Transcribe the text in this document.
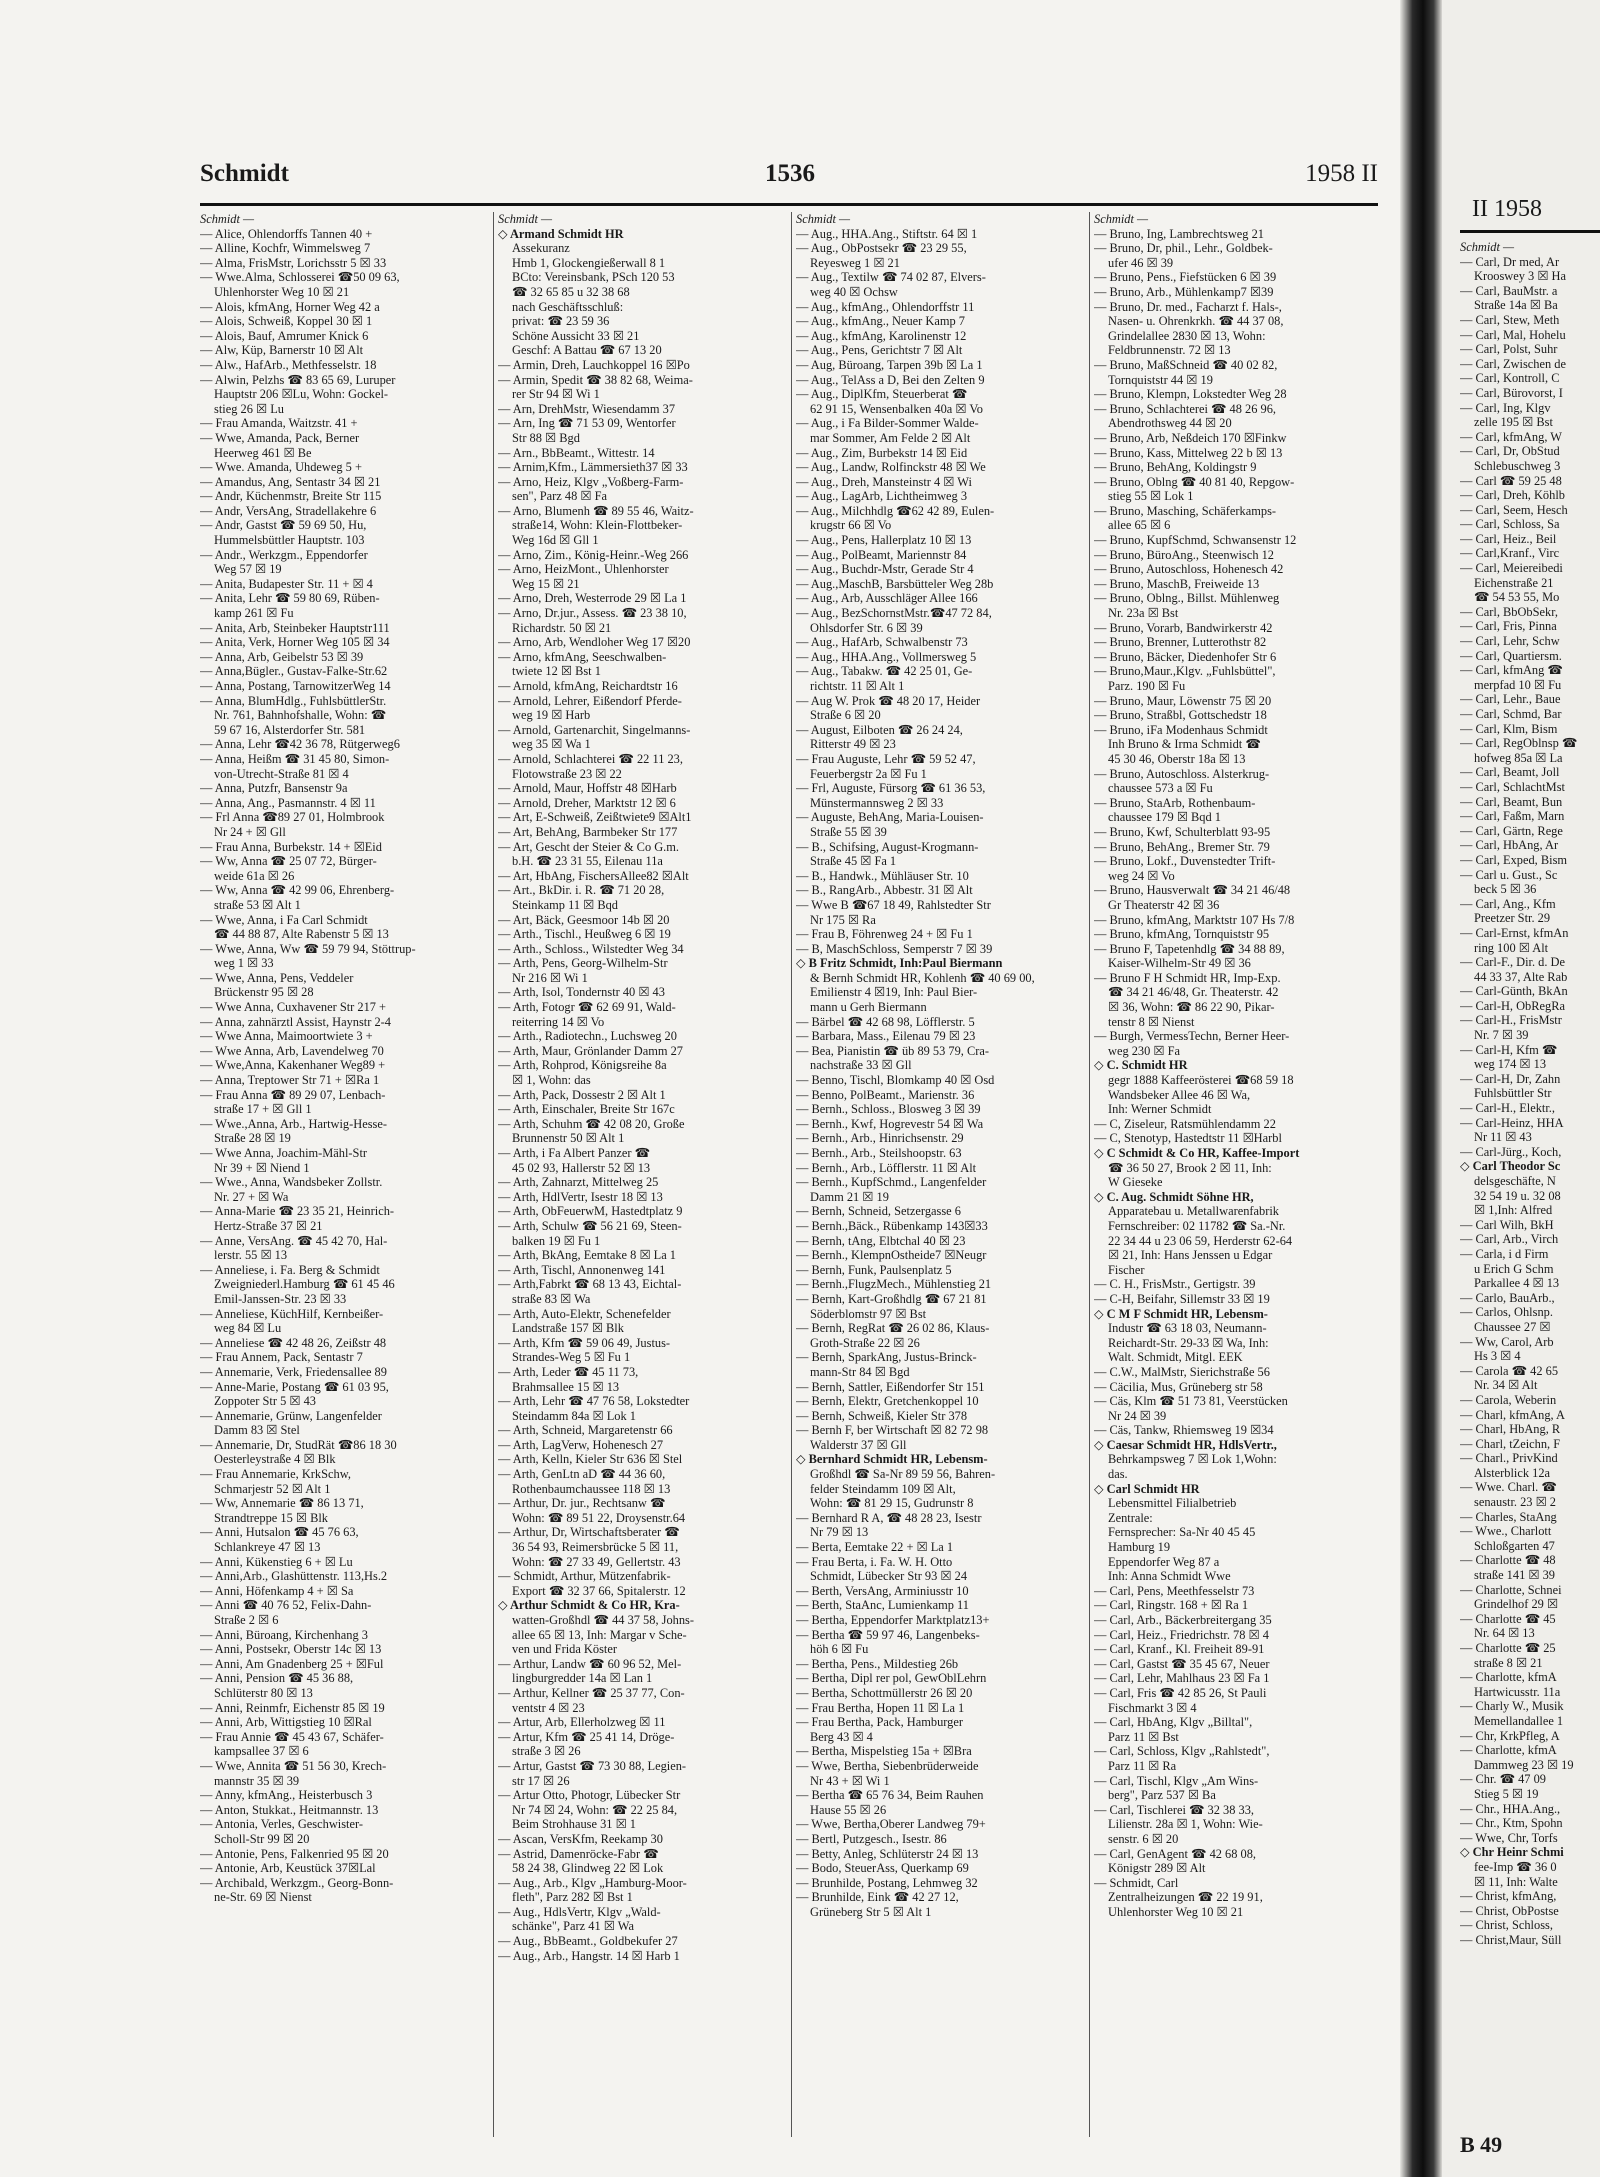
Schmidt	1536	1958 II
Schmidt —
— Alice, Ohlendorffs Tannen 40 +
— Alline, Kochfr, Wimmelsweg 7
— Alma, FrisMstr, Lorichsstr 5 ☒ 33
— Wwe.Alma, Schlosserei ☎50 09 63,
Uhlenhorster Weg 10 ☒ 21
— Alois, kfmAng, Horner Weg 42 a
— Alois, Schweiß, Koppel 30 ☒ 1
— Alois, Bauf, Amrumer Knick 6
— Alw, Küp, Barnerstr 10 ☒ Alt
— Alw., HafArb., Methfesselstr. 18
— Alwin, Pelzhs ☎ 83 65 69, Luruper
Hauptstr 206 ☒Lu, Wohn: Gockel-
stieg 26 ☒ Lu
— Frau Amanda, Waitzstr. 41 +
— Wwe, Amanda, Pack, Berner
Heerweg 461 ☒ Be
— Wwe. Amanda, Uhdeweg 5 +
— Amandus, Ang, Sentastr 34 ☒ 21
— Andr, Küchenmstr, Breite Str 115
— Andr, VersAng, Stradellakehre 6
— Andr, Gastst ☎ 59 69 50, Hu,
Hummelsbüttler Hauptstr. 103
— Andr., Werkzgm., Eppendorfer
Weg 57 ☒ 19
— Anita, Budapester Str. 11 + ☒ 4
— Anita, Lehr ☎ 59 80 69, Rüben-
kamp 261 ☒ Fu
— Anita, Arb, Steinbeker Hauptstr111
— Anita, Verk, Horner Weg 105 ☒ 34
— Anna, Arb, Geibelstr 53 ☒ 39
— Anna,Bügler., Gustav-Falke-Str.62
— Anna, Postang, TarnowitzerWeg 14
— Anna, BlumHdlg., FuhlsbüttlerStr.
Nr. 761, Bahnhofshalle, Wohn: ☎
59 67 16, Alsterdorfer Str. 581
— Anna, Lehr ☎42 36 78, Rütgerweg6
— Anna, Heißm ☎ 31 45 80, Simon-
von-Utrecht-Straße 81 ☒ 4
— Anna, Putzfr, Bansenstr 9a
— Anna, Ang., Pasmannstr. 4 ☒ 11
— Frl Anna ☎89 27 01, Holmbrook
Nr 24 + ☒ Gll
— Frau Anna, Burbekstr. 14 + ☒Eid
— Ww, Anna ☎ 25 07 72, Bürger-
weide 61a ☒ 26
— Ww, Anna ☎ 42 99 06, Ehrenberg-
straße 53 ☒ Alt 1
— Wwe, Anna, i Fa Carl Schmidt
☎ 44 88 87, Alte Rabenstr 5 ☒ 13
— Wwe, Anna, Ww ☎ 59 79 94, Stöttrup-
weg 1 ☒ 33
— Wwe, Anna, Pens, Veddeler
Brückenstr 95 ☒ 28
— Wwe Anna, Cuxhavener Str 217 +
— Anna, zahnärztl Assist, Haynstr 2-4
— Wwe Anna, Maimoortwiete 3 +
— Wwe Anna, Arb, Lavendelweg 70
— Wwe,Anna, Kakenhaner Weg89 +
— Anna, Treptower Str 71 + ☒Ra 1
— Frau Anna ☎ 89 29 07, Lenbach-
straße 17 + ☒ Gll 1
— Wwe.,Anna, Arb., Hartwig-Hesse-
Straße 28 ☒ 19
— Wwe Anna, Joachim-Mähl-Str
Nr 39 + ☒ Niend 1
— Wwe., Anna, Wandsbeker Zollstr.
Nr. 27 + ☒ Wa
— Anna-Marie ☎ 23 35 21, Heinrich-
Hertz-Straße 37 ☒ 21
— Anne, VersAng. ☎ 45 42 70, Hal-
lerstr. 55 ☒ 13
— Anneliese, i. Fa. Berg & Schmidt
Zweigniederl.Hamburg ☎ 61 45 46
Emil-Janssen-Str. 23 ☒ 33
— Anneliese, KüchHilf, Kernbeißer-
weg 84 ☒ Lu
— Anneliese ☎ 42 48 26, Zeißstr 48
— Frau Annem, Pack, Sentastr 7
— Annemarie, Verk, Friedensallee 89
— Anne-Marie, Postang ☎ 61 03 95,
Zoppoter Str 5 ☒ 43
— Annemarie, Grünw, Langenfelder
Damm 83 ☒ Stel
— Annemarie, Dr, StudRät ☎86 18 30
Oesterleystraße 4 ☒ Blk
— Frau Annemarie, KrkSchw,
Schmarjestr 52 ☒ Alt 1
— Ww, Annemarie ☎ 86 13 71,
Strandtreppe 15 ☒ Blk
— Anni, Hutsalon ☎ 45 76 63,
Schlankreye 47 ☒ 13
— Anni, Kükenstieg 6 + ☒ Lu
— Anni,Arb., Glashüttenstr. 113,Hs.2
— Anni, Höfenkamp 4 + ☒ Sa
— Anni ☎ 40 76 52, Felix-Dahn-
Straße 2 ☒ 6
— Anni, Büroang, Kirchenhang 3
— Anni, Postsekr, Oberstr 14c ☒ 13
— Anni, Am Gnadenberg 25 + ☒Ful
— Anni, Pension ☎ 45 36 88,
Schlüterstr 80 ☒ 13
— Anni, Reinmfr, Eichenstr 85 ☒ 19
— Anni, Arb, Wittigstieg 10 ☒Ral
— Frau Annie ☎ 45 43 67, Schäfer-
kampsallee 37 ☒ 6
— Wwe, Annita ☎ 51 56 30, Krech-
mannstr 35 ☒ 39
— Anny, kfmAng., Heisterbusch 3
— Anton, Stukkat., Heitmannstr. 13
— Antonia, Verles, Geschwister-
Scholl-Str 99 ☒ 20
— Antonie, Pens, Falkenried 95 ☒ 20
— Antonie, Arb, Keustück 37☒Lal
— Archibald, Werkzgm., Georg-Bonn-
ne-Str. 69 ☒ Nienst
Schmidt —
◇ Armand Schmidt HR
Assekuranz
Hmb 1, Glockengießerwall 8 1
BCto: Vereinsbank, PSch 120 53
☎ 32 65 85 u 32 38 68
nach Geschäftsschluß:
privat: ☎ 23 59 36
Schöne Aussicht 33 ☒ 21
Geschf: A Battau ☎ 67 13 20
— Armin, Dreh, Lauchkoppel 16 ☒Po
— Armin, Spedit ☎ 38 82 68, Weima-
rer Str 94 ☒ Wi 1
— Arn, DrehMstr, Wiesendamm 37
— Arn, Ing ☎ 71 53 09, Wentorfer
Str 88 ☒ Bgd
— Arn., BbBeamt., Wittestr. 14
— Arnim,Kfm., Lämmersieth37 ☒ 33
— Arno, Heiz, Klgv „Voßberg-Farm-
sen", Parz 48 ☒ Fa
— Arno, Blumenh ☎ 89 55 46, Waitz-
straße14, Wohn: Klein-Flottbeker-
Weg 16d ☒ Gll 1
— Arno, Zim., König-Heinr.-Weg 266
— Arno, HeizMont., Uhlenhorster
Weg 15 ☒ 21
— Arno, Dreh, Westerrode 29 ☒ La 1
— Arno, Dr.jur., Assess. ☎ 23 38 10,
Richardstr. 50 ☒ 21
— Arno, Arb, Wendloher Weg 17 ☒20
— Arno, kfmAng, Seeschwalben-
twiete 12 ☒ Bst 1
— Arnold, kfmAng, Reichardtstr 16
— Arnold, Lehrer, Eißendorf Pferde-
weg 19 ☒ Harb
— Arnold, Gartenarchit, Singelmanns-
weg 35 ☒ Wa 1
— Arnold, Schlachterei ☎ 22 11 23,
Flotowstraße 23 ☒ 22
— Arnold, Maur, Hoffstr 48 ☒Harb
— Arnold, Dreher, Marktstr 12 ☒ 6
— Art, E-Schweiß, Zeißtwiete9 ☒Alt1
— Art, BehAng, Barmbeker Str 177
— Art, Gescht der Steier & Co G.m.
b.H. ☎ 23 31 55, Eilenau 11a
— Art, HbAng, FischersAllee82 ☒Alt
— Art., BkDir. i. R. ☎ 71 20 28,
Steinkamp 11 ☒ Bqd
— Art, Bäck, Geesmoor 14b ☒ 20
— Arth., Tischl., Heußweg 6 ☒ 19
— Arth., Schloss., Wilstedter Weg 34
— Arth, Pens, Georg-Wilhelm-Str
Nr 216 ☒ Wi 1
— Arth, Isol, Tondernstr 40 ☒ 43
— Arth, Fotogr ☎ 62 69 91, Wald-
reiterring 14 ☒ Vo
— Arth., Radiotechn., Luchsweg 20
— Arth, Maur, Grönlander Damm 27
— Arth, Rohprod, Königsreihe 8a
☒ 1, Wohn: das
— Arth, Pack, Dossestr 2 ☒ Alt 1
— Arth, Einschaler, Breite Str 167c
— Arth, Schuhm ☎ 42 08 20, Große
Brunnenstr 50 ☒ Alt 1
— Arth, i Fa Albert Panzer ☎
45 02 93, Hallerstr 52 ☒ 13
— Arth, Zahnarzt, Mittelweg 25
— Arth, HdlVertr, Isestr 18 ☒ 13
— Arth, ObFeuerwM, Hastedtplatz 9
— Arth, Schulw ☎ 56 21 69, Steen-
balken 19 ☒ Fu 1
— Arth, BkAng, Eemtake 8 ☒ La 1
— Arth, Tischl, Annonenweg 141
— Arth,Fabrkt ☎ 68 13 43, Eichtal-
straße 83 ☒ Wa
— Arth, Auto-Elektr, Schenefelder
Landstraße 157 ☒ Blk
— Arth, Kfm ☎ 59 06 49, Justus-
Strandes-Weg 5 ☒ Fu 1
— Arth, Leder ☎ 45 11 73,
Brahmsallee 15 ☒ 13
— Arth, Lehr ☎ 47 76 58, Lokstedter
Steindamm 84a ☒ Lok 1
— Arth, Schneid, Margaretenstr 66
— Arth, LagVerw, Hohenesch 27
— Arth, Kelln, Kieler Str 636 ☒ Stel
— Arth, GenLtn aD ☎ 44 36 60,
Rothenbaumchaussee 118 ☒ 13
— Arthur, Dr. jur., Rechtsanw ☎
Wohn: ☎ 89 51 22, Droysenstr.64
— Arthur, Dr, Wirtschaftsberater ☎
36 54 93, Reimersbrücke 5 ☒ 11,
Wohn: ☎ 27 33 49, Gellertstr. 43
— Schmidt, Arthur, Mützenfabrik-
Export ☎ 32 37 66, Spitalerstr. 12
◇ Arthur Schmidt & Co HR, Kra-
watten-Großhdl ☎ 44 37 58, Johns-
allee 65 ☒ 13, Inh: Margar v Sche-
ven und Frida Köster
— Arthur, Landw ☎ 60 96 52, Mel-
lingburgredder 14a ☒ Lan 1
— Arthur, Kellner ☎ 25 37 77, Con-
ventstr 4 ☒ 23
— Artur, Arb, Ellerholzweg ☒ 11
— Artur, Kfm ☎ 25 41 14, Dröge-
straße 3 ☒ 26
— Artur, Gastst ☎ 73 30 88, Legien-
str 17 ☒ 26
— Artur Otto, Photogr, Lübecker Str
Nr 74 ☒ 24, Wohn: ☎ 22 25 84,
Beim Strohhause 31 ☒ 1
— Ascan, VersKfm, Reekamp 30
— Astrid, Damenröcke-Fabr ☎
58 24 38, Glindweg 22 ☒ Lok
— Aug., Arb., Klgv „Hamburg-Moor-
fleth", Parz 282 ☒ Bst 1
— Aug., HdlsVertr, Klgv „Wald-
schänke", Parz 41 ☒ Wa
— Aug., BbBeamt., Goldbekufer 27
— Aug., Arb., Hangstr. 14 ☒ Harb 1
Schmidt —
— Aug., HHA.Ang., Stiftstr. 64 ☒ 1
— Aug., ObPostsekr ☎ 23 29 55,
Reyesweg 1 ☒ 21
— Aug., Textilw ☎ 74 02 87, Elvers-
weg 40 ☒ Ochsw
— Aug., kfmAng., Ohlendorffstr 11
— Aug., kfmAng., Neuer Kamp 7
— Aug., kfmAng, Karolinenstr 12
— Aug., Pens, Gerichtstr 7 ☒ Alt
— Aug, Büroang, Tarpen 39b ☒ La 1
— Aug., TelAss a D, Bei den Zelten 9
— Aug., DiplKfm, Steuerberat ☎
62 91 15, Wensenbalken 40a ☒ Vo
— Aug., i Fa Bilder-Sommer Walde-
mar Sommer, Am Felde 2 ☒ Alt
— Aug., Zim, Burbekstr 14 ☒ Eid
— Aug., Landw, Rolfinckstr 48 ☒ We
— Aug., Dreh, Mansteinstr 4 ☒ Wi
— Aug., LagArb, Lichtheimweg 3
— Aug., Milchhdlg ☎62 42 89, Eulen-
krugstr 66 ☒ Vo
— Aug., Pens, Hallerplatz 10 ☒ 13
— Aug., PolBeamt, Mariennstr 84
— Aug., Buchdr-Mstr, Gerade Str 4
— Aug.,MaschB, Barsbütteler Weg 28b
— Aug., Arb, Ausschläger Allee 166
— Aug., BezSchornstMstr.☎47 72 84,
Ohlsdorfer Str. 6 ☒ 39
— Aug., HafArb, Schwalbenstr 73
— Aug., HHA.Ang., Vollmersweg 5
— Aug., Tabakw. ☎ 42 25 01, Ge-
richtstr. 11 ☒ Alt 1
— Aug W. Prok ☎ 48 20 17, Heider
Straße 6 ☒ 20
— August, Eilboten ☎ 26 24 24,
Ritterstr 49 ☒ 23
— Frau Auguste, Lehr ☎ 59 52 47,
Feuerbergstr 2a ☒ Fu 1
— Frl, Auguste, Fürsorg ☎ 61 36 53,
Münstermannsweg 2 ☒ 33
— Auguste, BehAng, Maria-Louisen-
Straße 55 ☒ 39
— B., Schifsing, August-Krogmann-
Straße 45 ☒ Fa 1
— B., Handwk., Mühläuser Str. 10
— B., RangArb., Abbestr. 31 ☒ Alt
— Wwe B ☎67 18 49, Rahlstedter Str
Nr 175 ☒ Ra
— Frau B, Föhrenweg 24 + ☒ Fu 1
— B, MaschSchloss, Semperstr 7 ☒ 39
◇ B Fritz Schmidt, Inh:Paul Biermann
& Bernh Schmidt HR, Kohlenh ☎ 40 69 00,
Emilienstr 4 ☒19, Inh: Paul Bier-
mann u Gerh Biermann
— Bärbel ☎ 42 68 98, Löfflerstr. 5
— Barbara, Mass., Eilenau 79 ☒ 23
— Bea, Pianistin ☎ üb 89 53 79, Cra-
nachstraße 33 ☒ Gll
— Benno, Tischl, Blomkamp 40 ☒ Osd
— Benno, PolBeamt., Marienstr. 36
— Bernh., Schloss., Blosweg 3 ☒ 39
— Bernh., Kwf, Hogrevestr 54 ☒ Wa
— Bernh., Arb., Hinrichsenstr. 29
— Bernh., Arb., Steilshoopstr. 63
— Bernh., Arb., Löfflerstr. 11 ☒ Alt
— Bernh., KupfSchmd., Langenfelder
Damm 21 ☒ 19
— Bernh, Schneid, Setzergasse 6
— Bernh.,Bäck., Rübenkamp 143☒33
— Bernh, tAng, Elbtchal 40 ☒ 23
— Bernh., KlempnOstheide7 ☒Neugr
— Bernh, Funk, Paulsenplatz 5
— Bernh.,FlugzMech., Mühlenstieg 21
— Bernh, Kart-Großhdlg ☎ 67 21 81
Söderblomstr 97 ☒ Bst
— Bernh, RegRat ☎ 26 02 86, Klaus-
Groth-Straße 22 ☒ 26
— Bernh, SparkAng, Justus-Brinck-
mann-Str 84 ☒ Bgd
— Bernh, Sattler, Eißendorfer Str 151
— Bernh, Elektr, Gretchenkoppel 10
— Bernh, Schweiß, Kieler Str 378
— Bernh F, ber Wirtschaft ☒ 82 72 98
Walderstr 37 ☒ Gll
◇ Bernhard Schmidt HR, Lebensm-
Großhdl ☎ Sa-Nr 89 59 56, Bahren-
felder Steindamm 109 ☒ Alt,
Wohn: ☎ 81 29 15, Gudrunstr 8
— Bernhard R A, ☎ 48 28 23, Isestr
Nr 79 ☒ 13
— Berta, Eemtake 22 + ☒ La 1
— Frau Berta, i. Fa. W. H. Otto
Schmidt, Lübecker Str 93 ☒ 24
— Berth, VersAng, Arminiusstr 10
— Berth, StaAnc, Lumienkamp 11
— Bertha, Eppendorfer Marktplatz13+
— Bertha ☎ 59 97 46, Langenbeks-
höh 6 ☒ Fu
— Bertha, Pens., Mildestieg 26b
— Bertha, Dipl rer pol, GewOblLehrn
— Bertha, Schottmüllerstr 26 ☒ 20
— Frau Bertha, Hopen 11 ☒ La 1
— Frau Bertha, Pack, Hamburger
Berg 43 ☒ 4
— Bertha, Mispelstieg 15a + ☒Bra
— Wwe, Bertha, Siebenbrüderweide
Nr 43 + ☒ Wi 1
— Bertha ☎ 65 76 34, Beim Rauhen
Hause 55 ☒ 26
— Wwe, Bertha,Oberer Landweg 79+
— Bertl, Putzgesch., Isestr. 86
— Betty, Anleg, Schlüterstr 24 ☒ 13
— Bodo, SteuerAss, Querkamp 69
— Brunhilde, Postang, Lehmweg 32
— Brunhilde, Eink ☎ 42 27 12,
Grüneberg Str 5 ☒ Alt 1
Schmidt —
— Bruno, Ing, Lambrechtsweg 21
— Bruno, Dr, phil., Lehr., Goldbek-
ufer 46 ☒ 39
— Bruno, Pens., Fiefstücken 6 ☒ 39
— Bruno, Arb., Mühlenkamp7 ☒39
— Bruno, Dr. med., Facharzt f. Hals-,
Nasen- u. Ohrenkrkh. ☎ 44 37 08,
Grindelallee 2830 ☒ 13, Wohn:
Feldbrunnenstr. 72 ☒ 13
— Bruno, MaßSchneid ☎ 40 02 82,
Tornquiststr 44 ☒ 19
— Bruno, Klempn, Lokstedter Weg 28
— Bruno, Schlachterei ☎ 48 26 96,
Abendrothsweg 44 ☒ 20
— Bruno, Arb, Neßdeich 170 ☒Finkw
— Bruno, Kass, Mittelweg 22 b ☒ 13
— Bruno, BehAng, Koldingstr 9
— Bruno, Oblng ☎ 40 81 40, Repgow-
stieg 55 ☒ Lok 1
— Bruno, Masching, Schäferkamps-
allee 65 ☒ 6
— Bruno, KupfSchmd, Schwansenstr 12
— Bruno, BüroAng., Steenwisch 12
— Bruno, Autoschloss, Hohenesch 42
— Bruno, MaschB, Freiweide 13
— Bruno, Oblng., Billst. Mühlenweg
Nr. 23a ☒ Bst
— Bruno, Vorarb, Bandwirkerstr 42
— Bruno, Brenner, Lutterothstr 82
— Bruno, Bäcker, Diedenhofer Str 6
— Bruno,Maur.,Klgv. „Fuhlsbüttel",
Parz. 190 ☒ Fu
— Bruno, Maur, Löwenstr 75 ☒ 20
— Bruno, Straßbl, Gottschedstr 18
— Bruno, iFa Modenhaus Schmidt
Inh Bruno & Irma Schmidt ☎
45 30 46, Oberstr 18a ☒ 13
— Bruno, Autoschloss. Alsterkrug-
chaussee 573 a ☒ Fu
— Bruno, StaArb, Rothenbaum-
chaussee 179 ☒ Bqd 1
— Bruno, Kwf, Schulterblatt 93-95
— Bruno, BehAng., Bremer Str. 79
— Bruno, Lokf., Duvenstedter Trift-
weg 24 ☒ Vo
— Bruno, Hausverwalt ☎ 34 21 46/48
Gr Theaterstr 42 ☒ 36
— Bruno, kfmAng, Marktstr 107 Hs 7/8
— Bruno, kfmAng, Tornquiststr 95
— Bruno F, Tapetenhdlg ☎ 34 88 89,
Kaiser-Wilhelm-Str 49 ☒ 36
— Bruno F H Schmidt HR, Imp-Exp.
☎ 34 21 46/48, Gr. Theaterstr. 42
☒ 36, Wohn: ☎ 86 22 90, Pikar-
tenstr 8 ☒ Nienst
— Burgh, VermessTechn, Berner Heer-
weg 230 ☒ Fa
◇ C. Schmidt HR
gegr 1888 Kaffeerösterei ☎68 59 18
Wandsbeker Allee 46 ☒ Wa,
Inh: Werner Schmidt
— C, Ziseleur, Ratsmühlendamm 22
— C, Stenotyp, Hastedtstr 11 ☒Harbl
◇ C Schmidt & Co HR, Kaffee-Import
☎ 36 50 27, Brook 2 ☒ 11, Inh:
W Gieseke
◇ C. Aug. Schmidt Söhne HR,
Apparatebau u. Metallwarenfabrik
Fernschreiber: 02 11782 ☎ Sa.-Nr.
22 34 44 u 23 06 59, Herderstr 62-64
☒ 21, Inh: Hans Jenssen u Edgar
Fischer
— C. H., FrisMstr., Gertigstr. 39
— C-H, Beifahr, Sillemstr 33 ☒ 19
◇ C M F Schmidt HR, Lebensm-
Industr ☎ 63 18 03, Neumann-
Reichardt-Str. 29-33 ☒ Wa, Inh:
Walt. Schmidt, Mitgl. EEK
— C.W., MalMstr, Sierichstraße 56
— Cäcilia, Mus, Grüneberg str 58
— Cäs, Klm ☎ 51 73 81, Veerstücken
Nr 24 ☒ 39
— Cäs, Tankw, Rhiemsweg 19 ☒34
◇ Caesar Schmidt HR, HdlsVertr.,
Behrkampsweg 7 ☒ Lok 1,Wohn:
das.
◇ Carl Schmidt HR
Lebensmittel Filialbetrieb
Zentrale:
Fernsprecher: Sa-Nr 40 45 45
Hamburg 19
Eppendorfer Weg 87 a
Inh: Anna Schmidt Wwe
— Carl, Pens, Meethfesselstr 73
— Carl, Ringstr. 168 + ☒ Ra 1
— Carl, Arb., Bäckerbreitergang 35
— Carl, Heiz., Friedrichstr. 78 ☒ 4
— Carl, Kranf., Kl. Freiheit 89-91
— Carl, Gastst ☎ 35 45 67, Neuer
— Carl, Lehr, Mahlhaus 23 ☒ Fa 1
— Carl, Fris ☎ 42 85 26, St Pauli
Fischmarkt 3 ☒ 4
— Carl, HbAng, Klgv „Billtal",
Parz 11 ☒ Bst
— Carl, Schloss, Klgv „Rahlstedt",
Parz 11 ☒ Ra
— Carl, Tischl, Klgv „Am Wins-
berg", Parz 537 ☒ Ba
— Carl, Tischlerei ☎ 32 38 33,
Lilienstr. 28a ☒ 1, Wohn: Wie-
senstr. 6 ☒ 20
— Carl, GenAgent ☎ 42 68 08,
Königstr 289 ☒ Alt
— Schmidt, Carl
Zentralheizungen ☎ 22 19 91,
Uhlenhorster Weg 10 ☒ 21
II 1958
Schmidt —
— Carl, Dr med, Ar
Krooswey 3 ☒ Ha
— Carl, BauMstr. a
Straße 14a ☒ Ba
— Carl, Stew, Meth
— Carl, Mal, Hohelu
— Carl, Polst, Suhr
— Carl, Zwischen de
— Carl, Kontroll, C
— Carl, Bürovorst, I
— Carl, Ing, Klgv
zelle 195 ☒ Bst
— Carl, kfmAng, W
— Carl, Dr, ObStud
Schlebuschweg 3
— Carl ☎ 59 25 48
— Carl, Dreh, Köhlb
— Carl, Seem, Hesch
— Carl, Schloss, Sa
— Carl, Heiz., Beil
— Carl,Kranf., Virc
— Carl, Meiereibedi
Eichenstraße 21
☎ 54 53 55, Mo
— Carl, BbObSekr,
— Carl, Fris, Pinna
— Carl, Lehr, Schw
— Carl, Quartiersm.
— Carl, kfmAng ☎
merpfad 10 ☒ Fu
— Carl, Lehr., Baue
— Carl, Schmd, Bar
— Carl, Klm, Bism
— Carl, RegOblnsp ☎
hofweg 85a ☒ La
— Carl, Beamt, Joll
— Carl, SchlachtMst
— Carl, Beamt, Bun
— Carl, Faßm, Marn
— Carl, Gärtn, Rege
— Carl, HbAng, Ar
— Carl, Exped, Bism
— Carl u. Gust., Sc
beck 5 ☒ 36
— Carl, Ang., Kfm
Preetzer Str. 29
— Carl-Ernst, kfmAn
ring 100 ☒ Alt
— Carl-F., Dir. d. De
44 33 37, Alte Rab
— Carl-Günth, BkAn
— Carl-H, ObRegRa
— Carl-H., FrisMstr
Nr. 7 ☒ 39
— Carl-H, Kfm ☎
weg 174 ☒ 13
— Carl-H, Dr, Zahn
Fuhlsbüttler Str
— Carl-H., Elektr.,
— Carl-Heinz, HHA
Nr 11 ☒ 43
— Carl-Jürg., Koch,
◇ Carl Theodor Sc
delsgeschäfte, N
32 54 19 u. 32 08
☒ 1,Inh: Alfred
— Carl Wilh, BkH
— Carl, Arb., Virch
— Carla, i d Firm
u Erich G Schm
Parkallee 4 ☒ 13
— Carlo, BauArb.,
— Carlos, Ohlsnp.
Chaussee 27 ☒
— Ww, Carol, Arb
Hs 3 ☒ 4
— Carola ☎ 42 65
Nr. 34 ☒ Alt
— Carola, Weberin
— Charl, kfmAng, A
— Charl, HbAng, R
— Charl, tZeichn, F
— Charl., PrivKind
Alsterblick 12a
— Wwe. Charl. ☎
senaustr. 23 ☒ 2
— Charles, StaAng
— Wwe., Charlott
Schloßgarten 47
— Charlotte ☎ 48
straße 141 ☒ 39
— Charlotte, Schnei
Grindelhof 29 ☒
— Charlotte ☎ 45
Nr. 64 ☒ 13
— Charlotte ☎ 25
straße 8 ☒ 21
— Charlotte, kfmA
Hartwicusstr. 11a
— Charly W., Musik
Memellandallee 1
— Chr, KrkPfleg, A
— Charlotte, kfmA
Dammweg 23 ☒ 19
— Chr. ☎ 47 09
Stieg 5 ☒ 19
— Chr., HHA.Ang.,
— Chr., Ktm, Spohn
— Wwe, Chr, Torfs
◇ Chr Heinr Schmi
fee-Imp ☎ 36 0
☒ 11, Inh: Walte
— Christ, kfmAng,
— Christ, ObPostse
— Christ, Schloss,
— Christ,Maur, Süll
B 49
